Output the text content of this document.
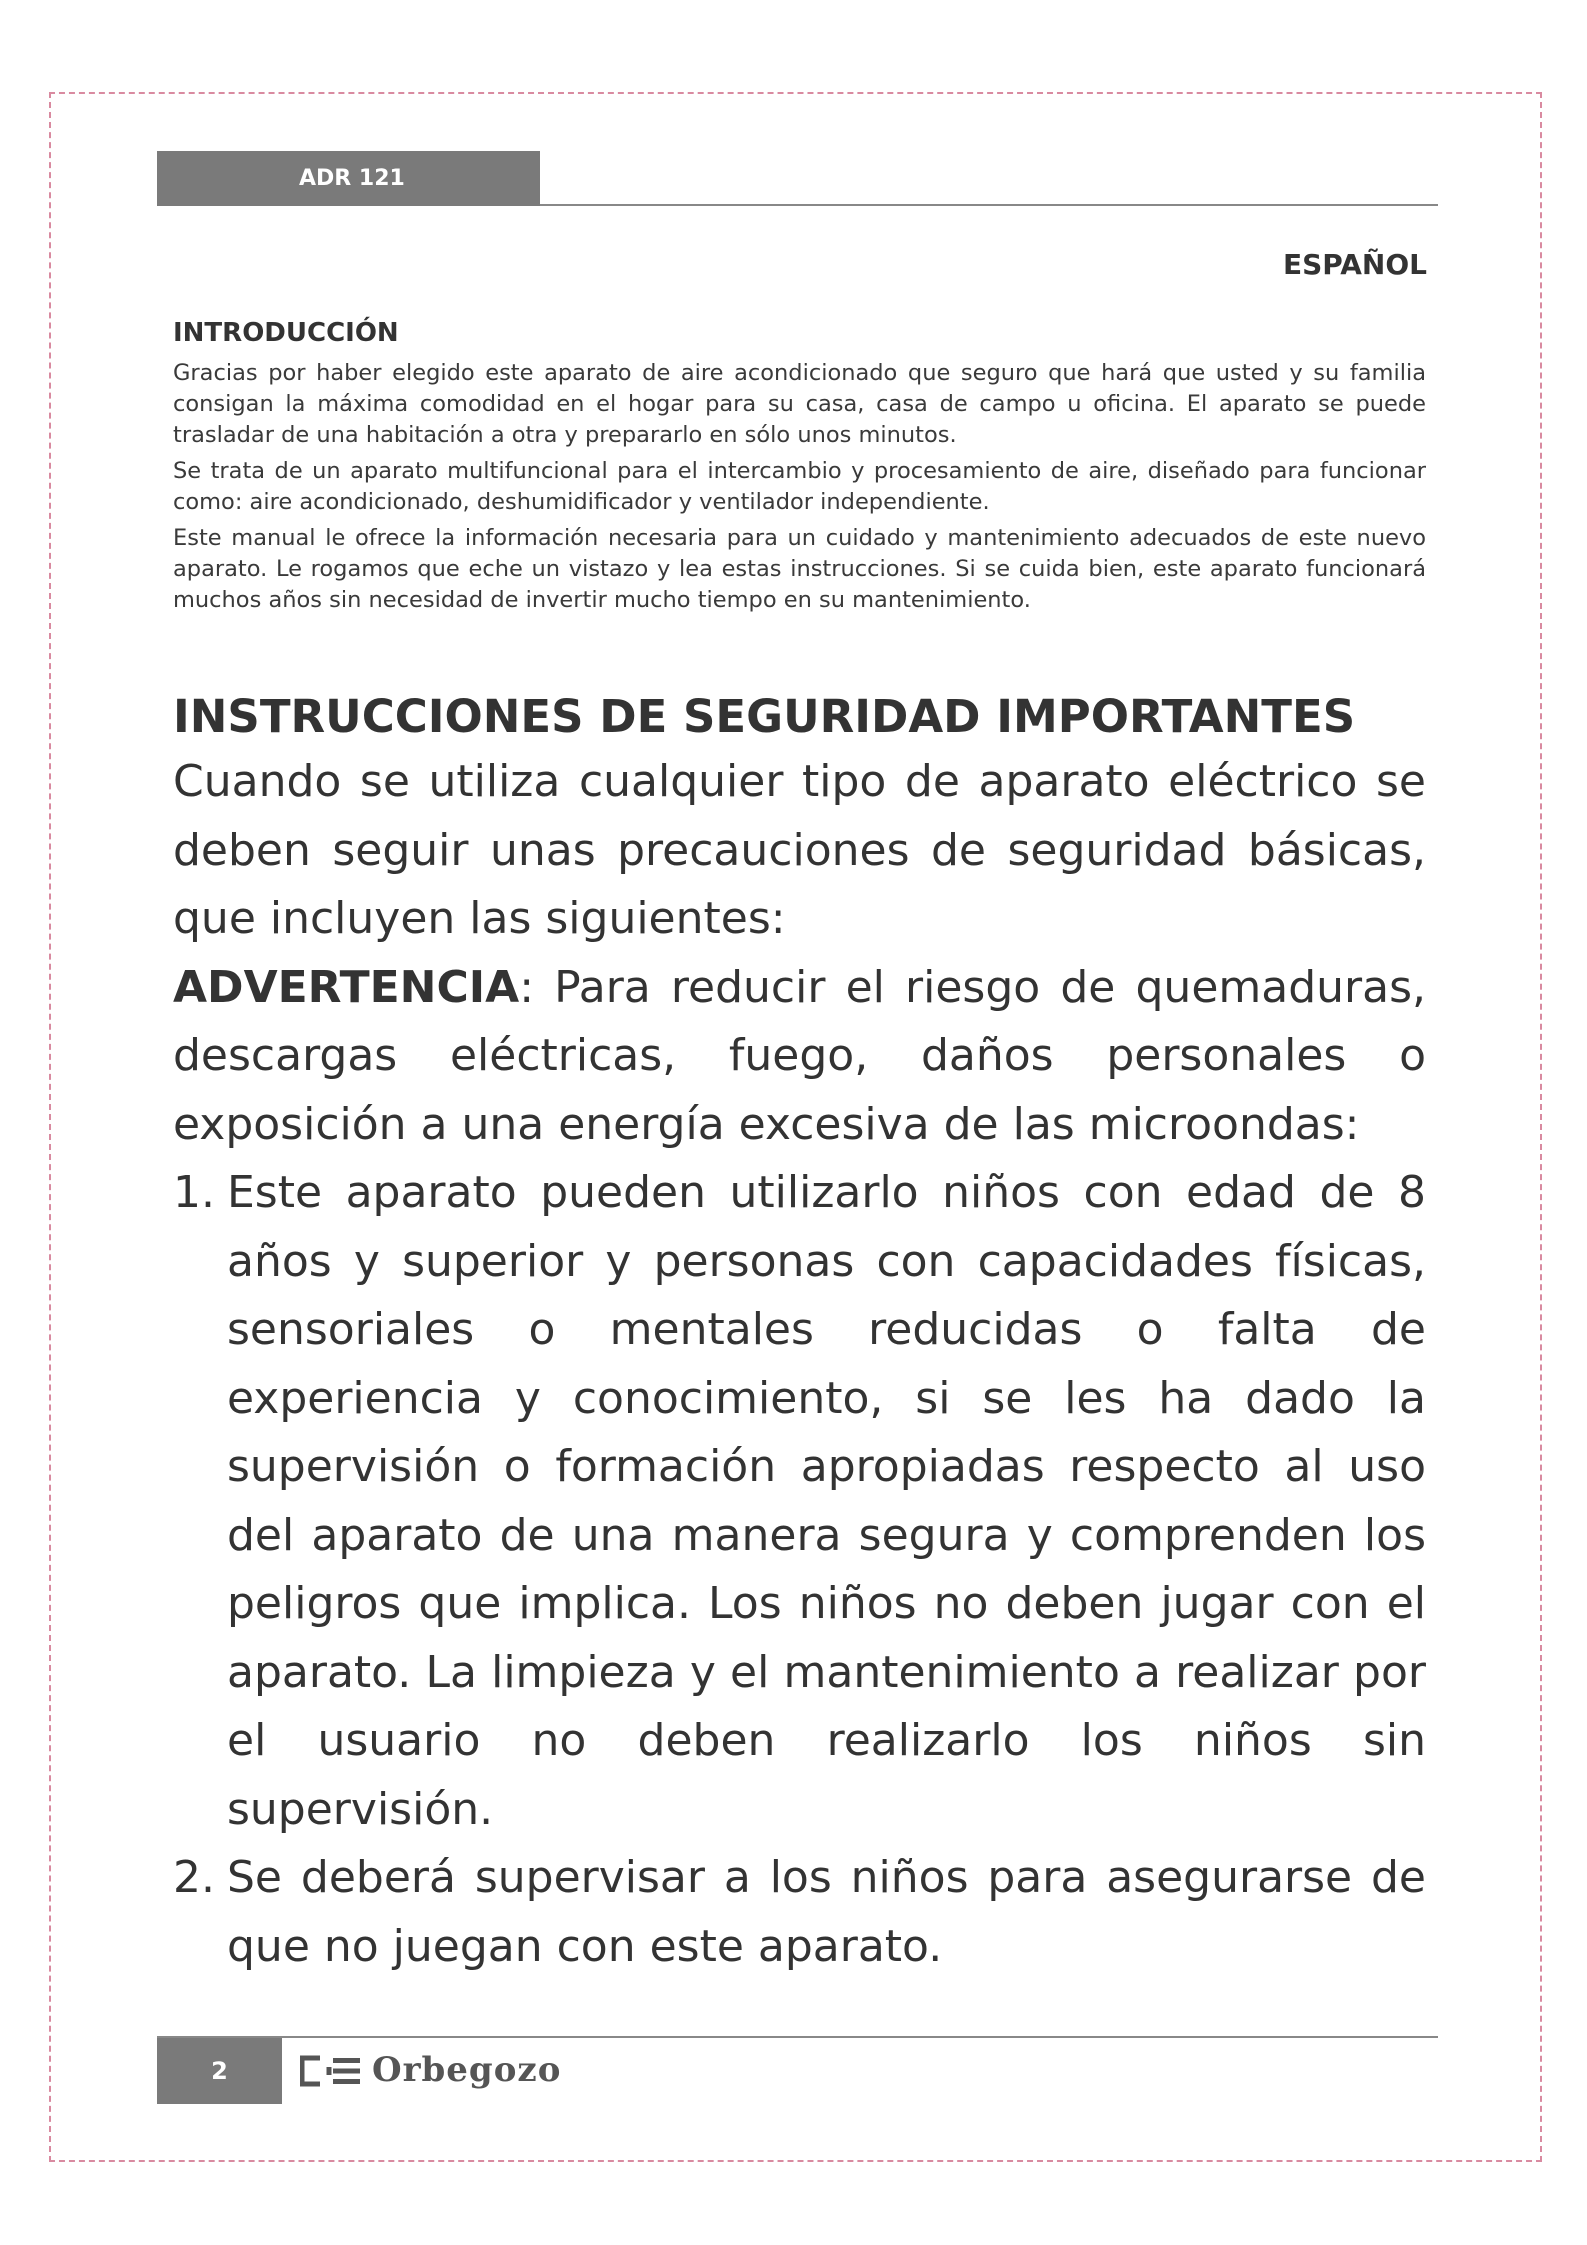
ADR 121
ESPAÑOL
INTRODUCCIÓN

Gracias por haber elegido este aparato de aire acondicionado que seguro que hará que usted y su familia consigan la máxima comodidad en el hogar para su casa, casa de campo u oficina. El aparato se puede trasladar de una habitación a otra y prepararlo en sólo unos minutos.

Se trata de un aparato multifuncional para el intercambio y procesamiento de aire, diseñado para funcionar como: aire acondicionado, deshumidificador y ventilador independiente.

Este manual le ofrece la información necesaria para un cuidado y mantenimiento adecuados de este nuevo aparato. Le rogamos que eche un vistazo y lea estas instrucciones. Si se cuida bien, este aparato funcionará muchos años sin necesidad de invertir mucho tiempo en su mantenimiento.

INSTRUCCIONES DE SEGURIDAD IMPORTANTES

Cuando se utiliza cualquier tipo de aparato eléctrico se deben seguir unas precauciones de seguridad básicas, que incluyen las siguientes:

ADVERTENCIA: Para reducir el riesgo de quemaduras, descargas eléctricas, fuego, daños personales o exposición a una energía excesiva de las microondas:

1. Este aparato pueden utilizarlo niños con edad de 8 años y superior y personas con capacidades físicas, sensoriales o mentales reducidas o falta de experiencia y conocimiento, si se les ha dado la supervisión o formación apropiadas respecto al uso del aparato de una manera segura y comprenden los peligros que implica. Los niños no deben jugar con el aparato. La limpieza y el mantenimiento a realizar por el usuario no deben realizarlo los niños sin supervisión.
2. Se deberá supervisar a los niños para asegurarse de que no juegan con este aparato.
2	Orbegozo
